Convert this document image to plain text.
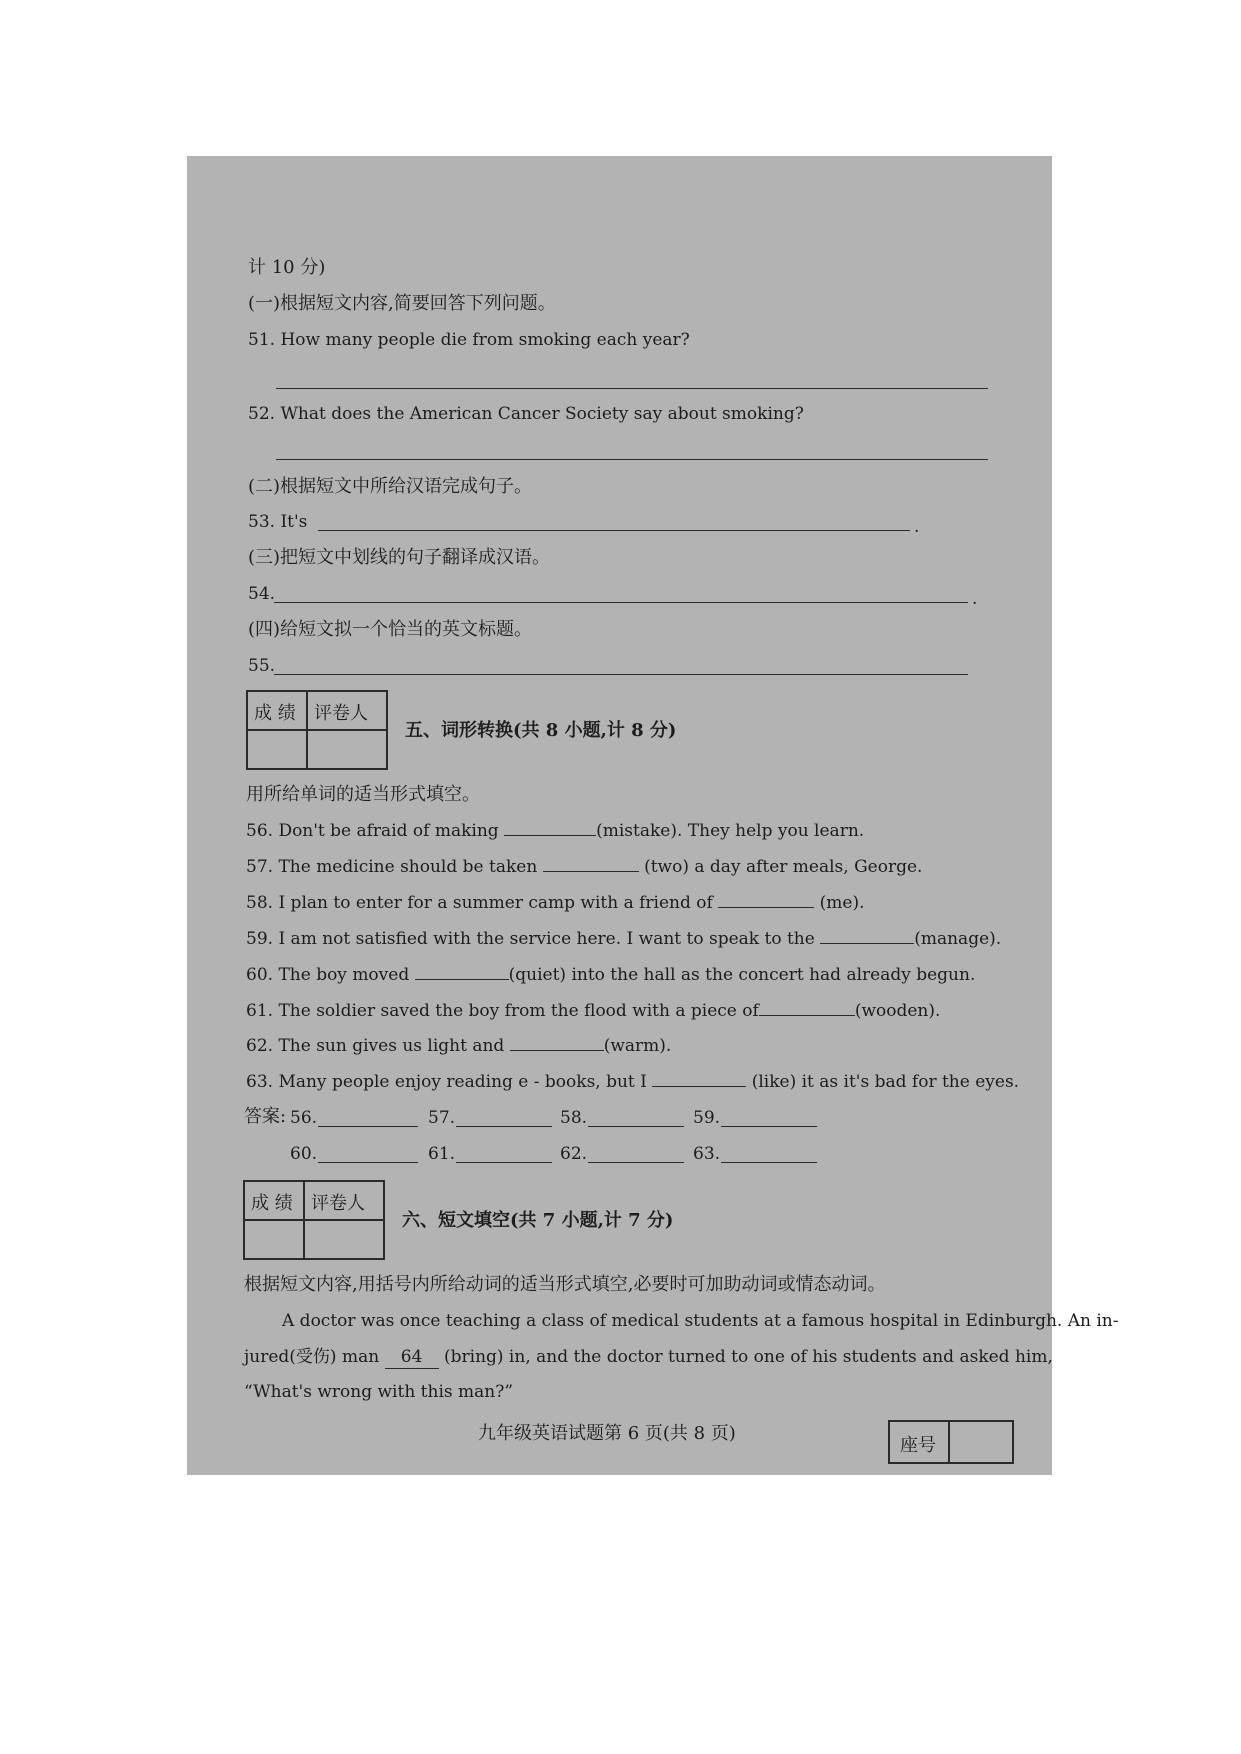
计 10 分)
(一)根据短文内容,简要回答下列问题。
51. How many people die from smoking each year?
52. What does the American Cancer Society say about smoking?
(二)根据短文中所给汉语完成句子。
53. It's	.
(三)把短文中划线的句子翻译成汉语。
54.	.
(四)给短文拟一个恰当的英文标题。
55.
成 绩 评卷人
五、词形转换(共 8 小题,计 8 分)
用所给单词的适当形式填空。
56. Don't be afraid of making	(mistake). They help you learn.
57. The medicine should be taken	(two) a day after meals, George.
58. I plan to enter for a summer camp with a friend of	(me).
59. I am not satisfied with the service here. I want to speak to the	(manage).
60. The boy moved	(quiet) into the hall as the concert had already begun.
61. The soldier saved the boy from the flood with a piece of	(wooden).
62. The sun gives us light and	(warm).
63. Many people enjoy reading e - books, but I	(like) it as it's bad for the eyes.
答案: 56.	57.	58.	59.
60.	61.	62.	63.
成 绩 评卷人
六、短文填空(共 7 小题,计 7 分)
根据短文内容,用括号内所给动词的适当形式填空,必要时可加助动词或情态动词。
A doctor was once teaching a class of medical students at a famous hospital in Edinburgh. An in-
jured(受伤) man 64 (bring) in, and the doctor turned to one of his students and asked him,
“What's wrong with this man?”
九年级英语试题第 6 页(共 8 页)
座号
